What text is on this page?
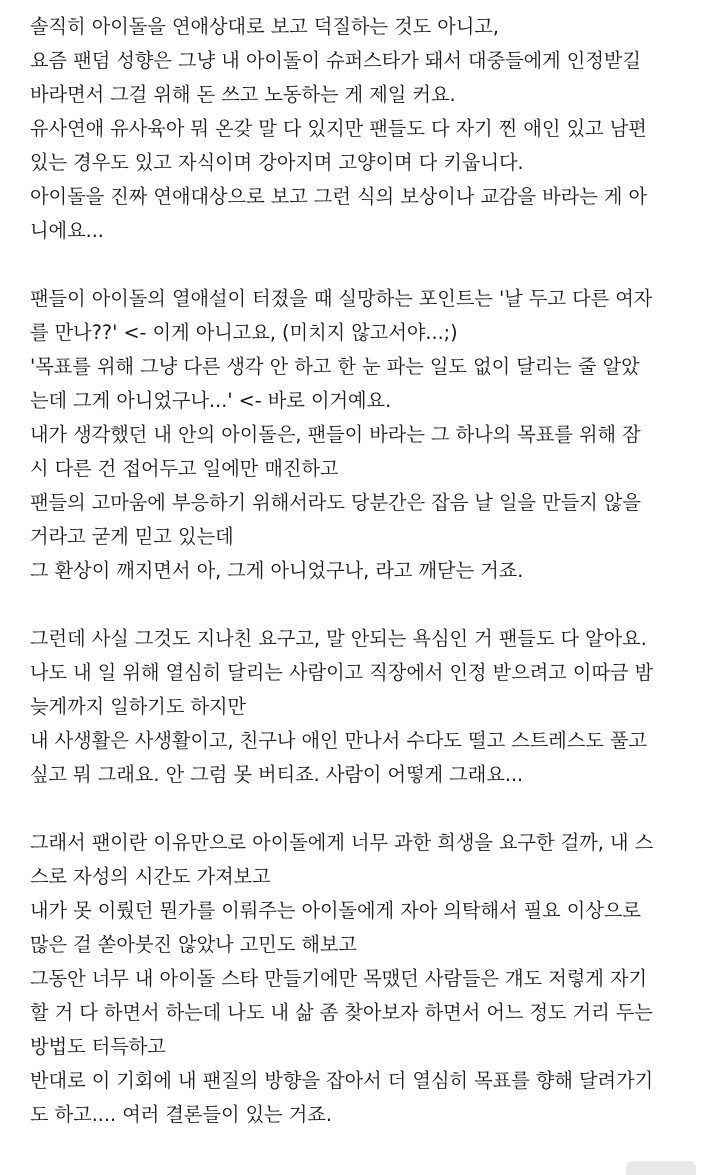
솔직히 아이돌을 연애상대로 보고 덕질하는 것도 아니고,
요즘 팬덤 성향은 그냥 내 아이돌이 슈퍼스타가 돼서 대중들에게 인정받길
바라면서 그걸 위해 돈 쓰고 노동하는 게 제일 커요.
유사연애 유사육아 뭐 온갖 말 다 있지만 팬들도 다 자기 찐 애인 있고 남편
있는 경우도 있고 자식이며 강아지며 고양이며 다 키웁니다.
아이돌을 진짜 연애대상으로 보고 그런 식의 보상이나 교감을 바라는 게 아
니에요...
팬들이 아이돌의 열애설이 터졌을 때 실망하는 포인트는 '날 두고 다른 여자
를 만나??' <- 이게 아니고요, (미치지 않고서야...;)
'목표를 위해 그냥 다른 생각 안 하고 한 눈 파는 일도 없이 달리는 줄 알았
는데 그게 아니었구나...' <- 바로 이거예요.
내가 생각했던 내 안의 아이돌은, 팬들이 바라는 그 하나의 목표를 위해 잠
시 다른 건 접어두고 일에만 매진하고
팬들의 고마움에 부응하기 위해서라도 당분간은 잡음 날 일을 만들지 않을
거라고 굳게 믿고 있는데
그 환상이 깨지면서 아, 그게 아니었구나, 라고 깨닫는 거죠.
그런데 사실 그것도 지나친 요구고, 말 안되는 욕심인 거 팬들도 다 알아요.
나도 내 일 위해 열심히 달리는 사람이고 직장에서 인정 받으려고 이따금 밤
늦게까지 일하기도 하지만
내 사생활은 사생활이고, 친구나 애인 만나서 수다도 떨고 스트레스도 풀고
싶고 뭐 그래요. 안 그럼 못 버티죠. 사람이 어떻게 그래요...
그래서 팬이란 이유만으로 아이돌에게 너무 과한 희생을 요구한 걸까, 내 스
스로 자성의 시간도 가져보고
내가 못 이뤘던 뭔가를 이뤄주는 아이돌에게 자아 의탁해서 필요 이상으로
많은 걸 쏟아붓진 않았나 고민도 해보고
그동안 너무 내 아이돌 스타 만들기에만 목맸던 사람들은 걔도 저렇게 자기
할 거 다 하면서 하는데 나도 내 삶 좀 찾아보자 하면서 어느 정도 거리 두는
방법도 터득하고
반대로 이 기회에 내 팬질의 방향을 잡아서 더 열심히 목표를 향해 달려가기
도 하고.... 여러 결론들이 있는 거죠.
